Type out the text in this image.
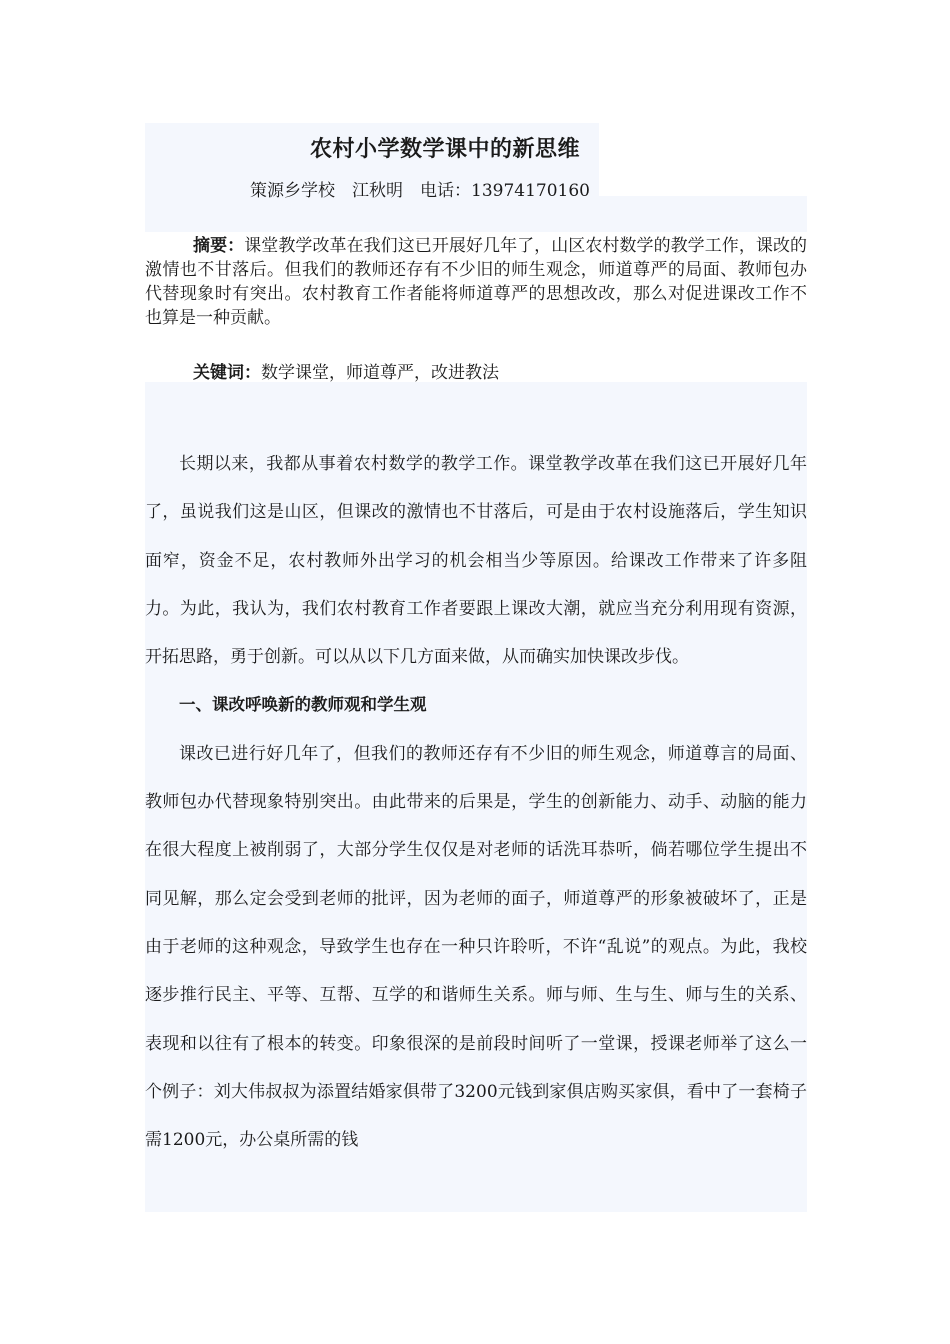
农村小学数学课中的新思维
策源乡学校　江秋明　电话：13974170160
摘要：课堂教学改革在我们这已开展好几年了，山区农村数学的教学工作，课改的激情也不甘落后。但我们的教师还存有不少旧的师生观念，师道尊严的局面、教师包办代替现象时有突出。农村教育工作者能将师道尊严的思想改改，那么对促进课改工作不也算是一种贡献。
关键词：数学课堂，师道尊严，改进教法

长期以来，我都从事着农村数学的教学工作。课堂教学改革在我们这已开展好几年了，虽说我们这是山区，但课改的激情也不甘落后，可是由于农村设施落后，学生知识面窄，资金不足，农村教师外出学习的机会相当少等原因。给课改工作带来了许多阻力。为此，我认为，我们农村教育工作者要跟上课改大潮，就应当充分利用现有资源，开拓思路，勇于创新。可以从以下几方面来做，从而确实加快课改步伐。

一、课改呼唤新的教师观和学生观

课改已进行好几年了，但我们的教师还存有不少旧的师生观念，师道尊言的局面、教师包办代替现象特别突出。由此带来的后果是，学生的创新能力、动手、动脑的能力在很大程度上被削弱了，大部分学生仅仅是对老师的话洗耳恭听，倘若哪位学生提出不同见解，那么定会受到老师的批评，因为老师的面子，师道尊严的形象被破坏了，正是由于老师的这种观念，导致学生也存在一种只许聆听，不许“乱说”的观点。为此，我校逐步推行民主、平等、互帮、互学的和谐师生关系。师与师、生与生、师与生的关系、表现和以往有了根本的转变。印象很深的是前段时间听了一堂课，授课老师举了这么一个例子：刘大伟叔叔为添置结婚家俱带了3200元钱到家俱店购买家俱，看中了一套椅子需1200元，办公桌所需的钱
